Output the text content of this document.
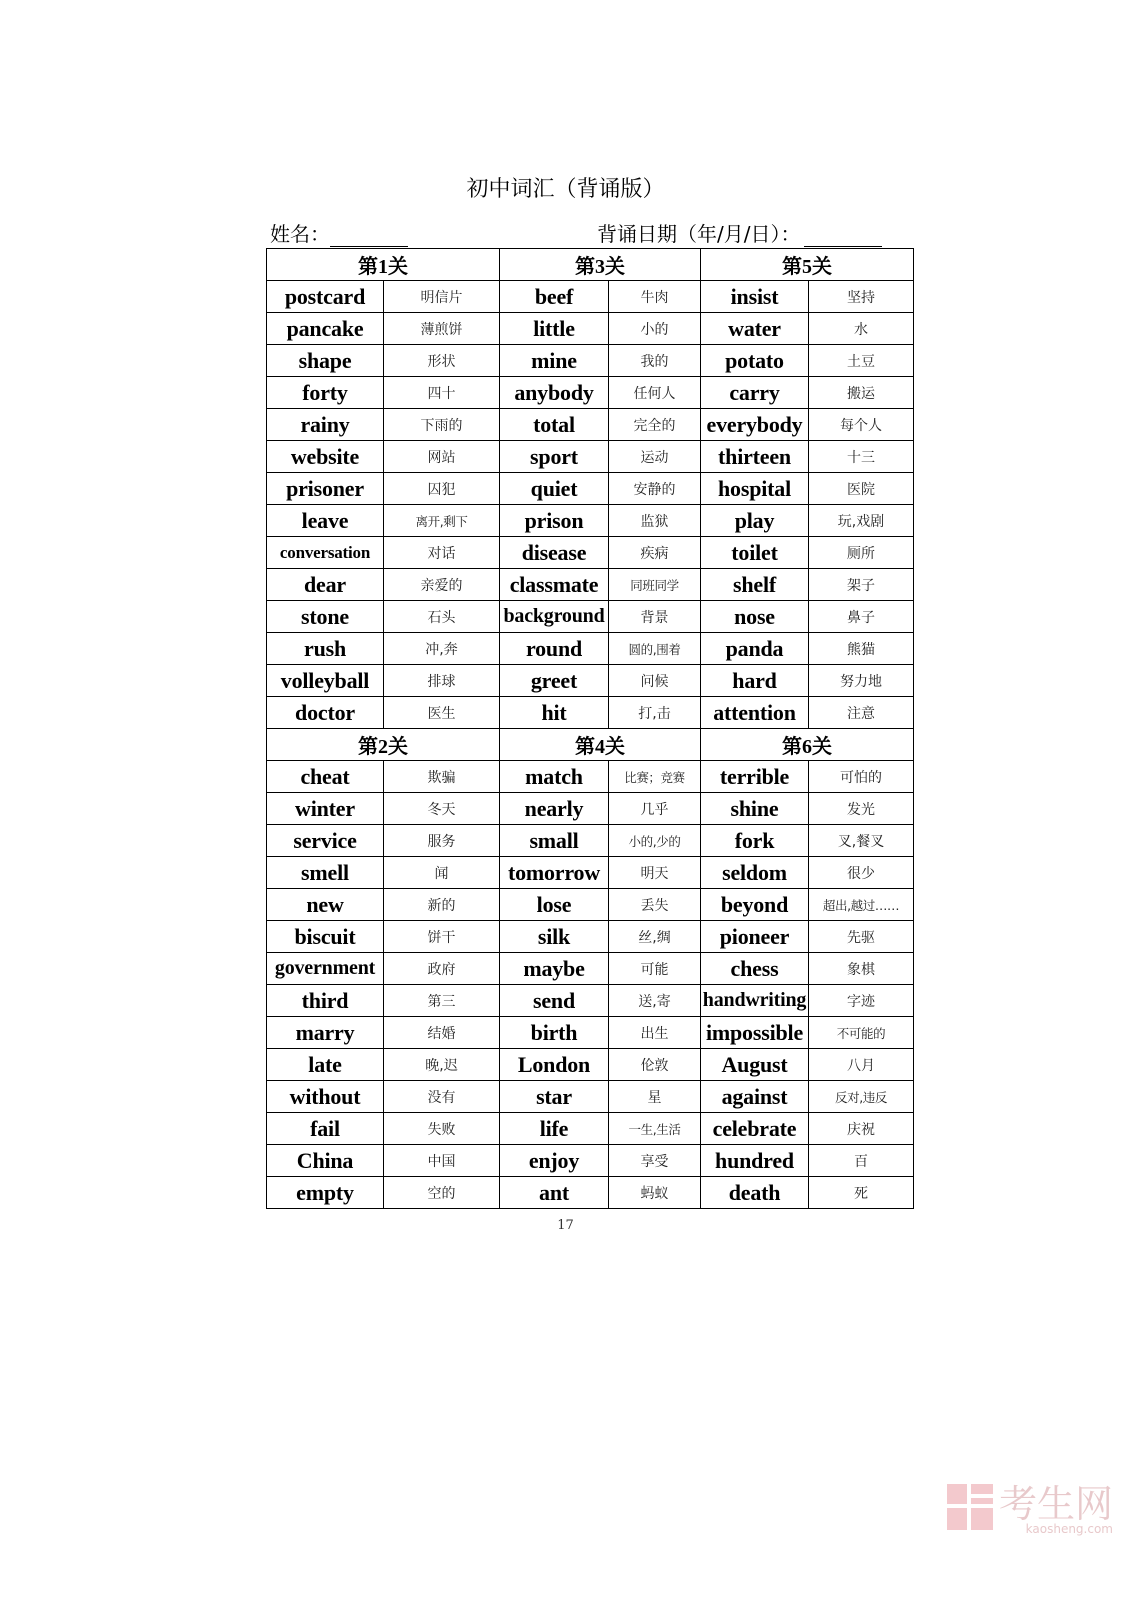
初中词汇（背诵版）
姓名：	背诵日期（年/月/日）：
第1关		第3关		第5关	
postcard	明信片	beef	牛肉	insist	坚持
pancake	薄煎饼	little	小的	water	水
shape	形状	mine	我的	potato	土豆
forty	四十	anybody	任何人	carry	搬运
rainy	下雨的	total	完全的	everybody	每个人
website	网站	sport	运动	thirteen	十三
prisoner	囚犯	quiet	安静的	hospital	医院
leave	离开,剩下	prison	监狱	play	玩,戏剧
conversation	对话	disease	疾病	toilet	厕所
dear	亲爱的	classmate	同班同学	shelf	架子
stone	石头	background	背景	nose	鼻子
rush	冲,奔	round	圆的,围着	panda	熊猫
volleyball	排球	greet	问候	hard	努力地
doctor	医生	hit	打,击	attention	注意
第2关		第4关		第6关	
cheat	欺骗	match	比赛；竞赛	terrible	可怕的
winter	冬天	nearly	几乎	shine	发光
service	服务	small	小的,少的	fork	叉,餐叉
smell	闻	tomorrow	明天	seldom	很少
new	新的	lose	丢失	beyond	超出,越过……
biscuit	饼干	silk	丝,绸	pioneer	先驱
government	政府	maybe	可能	chess	象棋
third	第三	send	送,寄	handwriting	字迹
marry	结婚	birth	出生	impossible	不可能的
late	晚,迟	London	伦敦	August	八月
without	没有	star	星	against	反对,违反
fail	失败	life	一生,生活	celebrate	庆祝
China	中国	enjoy	享受	hundred	百
empty	空的	ant	蚂蚁	death	死
17
考生网
kaosheng.com
